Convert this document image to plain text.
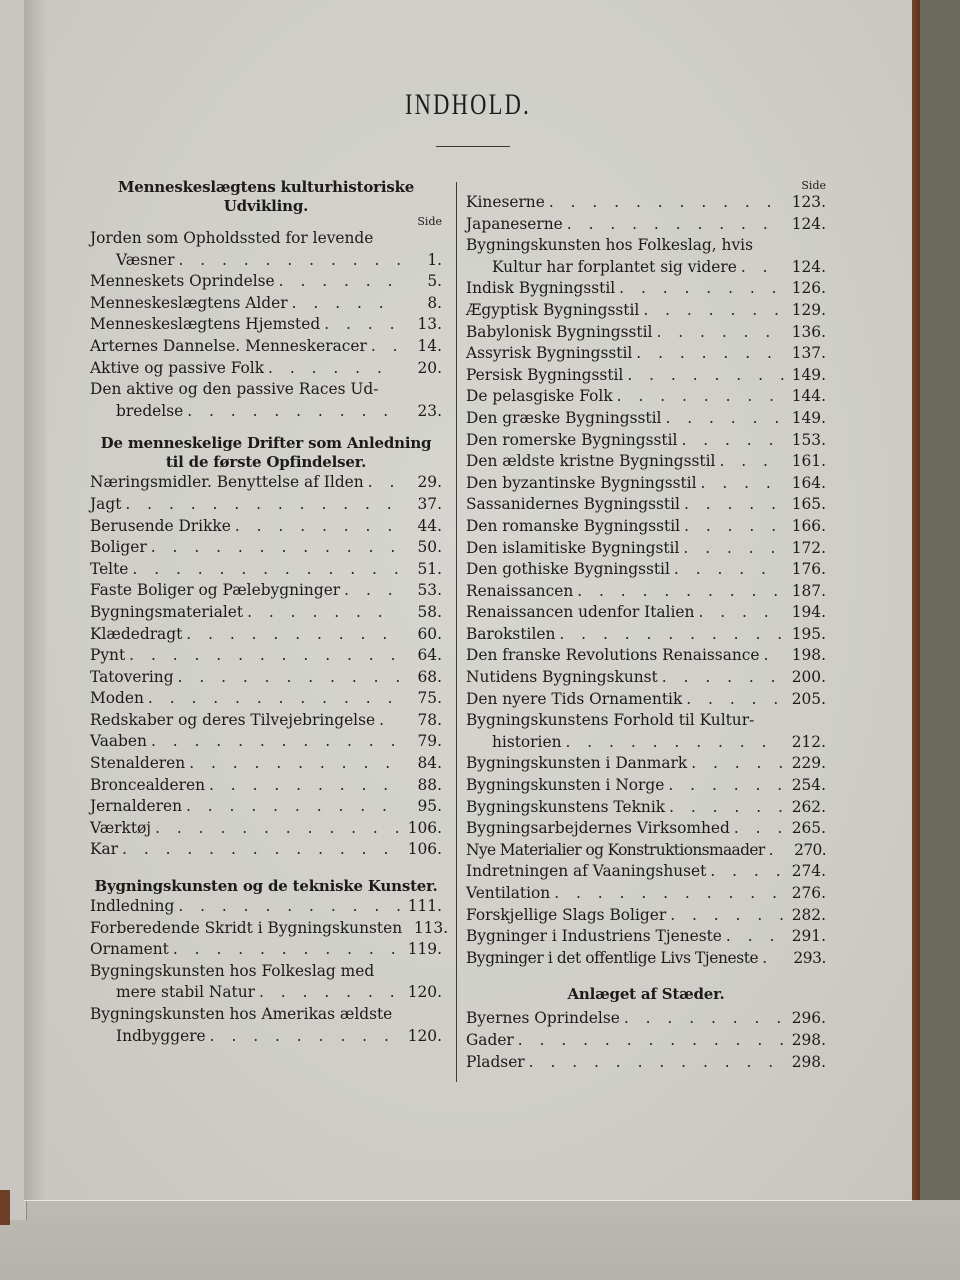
INDHOLD.
Menneskeslægtens kulturhistoriske Udvikling.
Side
Jorden som Opholdssted for levende
Væsner . . .	1.
Menneskets Oprindelse . . .	5.
Menneskeslægtens Alder . . .	8.
Menneskeslægtens Hjemsted . . .	13.
Arternes Dannelse. Menneskeracer . . .	14.
Aktive og passive Folk . . .	20.
Den aktive og den passive Races Ud-
bredelse . . .	23.
De menneskelige Drifter som Anledning til de første Opfindelser.
Næringsmidler. Benyttelse af Ilden . . .	29.
Jagt . . .	37.
Berusende Drikke . . .	44.
Boliger . . .	50.
Telte . . .	51.
Faste Boliger og Pælebygninger . . .	53.
Bygningsmaterialet . . .	58.
Klædedragt . . .	60.
Pynt . . .	64.
Tatovering . . .	68.
Moden . . .	75.
Redskaber og deres Tilvejebringelse . . .	78.
Vaaben . . .	79.
Stenalderen . . .	84.
Broncealderen . . .	88.
Jernalderen . . .	95.
Værktøj . . .	106.
Kar . . .	106.
Bygningskunsten og de tekniske Kunster.
Indledning . . .	111.
Forberedende Skridt i Bygningskunsten 113.
Ornament . . .	119.
Bygningskunsten hos Folkeslag med
mere stabil Natur . . .	120.
Bygningskunsten hos Amerikas ældste
Indbyggere . . .	120.
Side
Kineserne . . .	123.
Japaneserne . . .	124.
Bygningskunsten hos Folkeslag, hvis
Kultur har forplantet sig videre . . .	124.
Indisk Bygningsstil . . .	126.
Ægyptisk Bygningsstil . . .	129.
Babylonisk Bygningsstil . . .	136.
Assyrisk Bygningsstil . . .	137.
Persisk Bygningsstil . . .	149.
De pelasgiske Folk . . .	144.
Den græske Bygningsstil . . .	149.
Den romerske Bygningsstil . . .	153.
Den ældste kristne Bygningsstil . . .	161.
Den byzantinske Bygningsstil . . .	164.
Sassanidernes Bygningsstil . . .	165.
Den romanske Bygningsstil . . .	166.
Den islamitiske Bygningstil . . .	172.
Den gothiske Bygningsstil . . .	176.
Renaissancen . . .	187.
Renaissancen udenfor Italien . . .	194.
Barokstilen . . .	195.
Den franske Revolutions Renaissance . . .	198.
Nutidens Bygningskunst . . .	200.
Den nyere Tids Ornamentik . . .	205.
Bygningskunstens Forhold til Kultur-
historien . . .	212.
Bygningskunsten i Danmark . . .	229.
Bygningskunsten i Norge . . .	254.
Bygningskunstens Teknik . . .	262.
Bygningsarbejdernes Virksomhed . . .	265.
Nye Materialier og Konstruktionsmaader . . .	270.
Indretningen af Vaaningshuset . . .	274.
Ventilation . . .	276.
Forskjellige Slags Boliger . . .	282.
Bygninger i Industriens Tjeneste . . .	291.
Bygninger i det offentlige Livs Tjeneste . . .	293.
Anlæget af Stæder.
Byernes Oprindelse . . .	296.
Gader . . .	298.
Pladser . . .	298.
